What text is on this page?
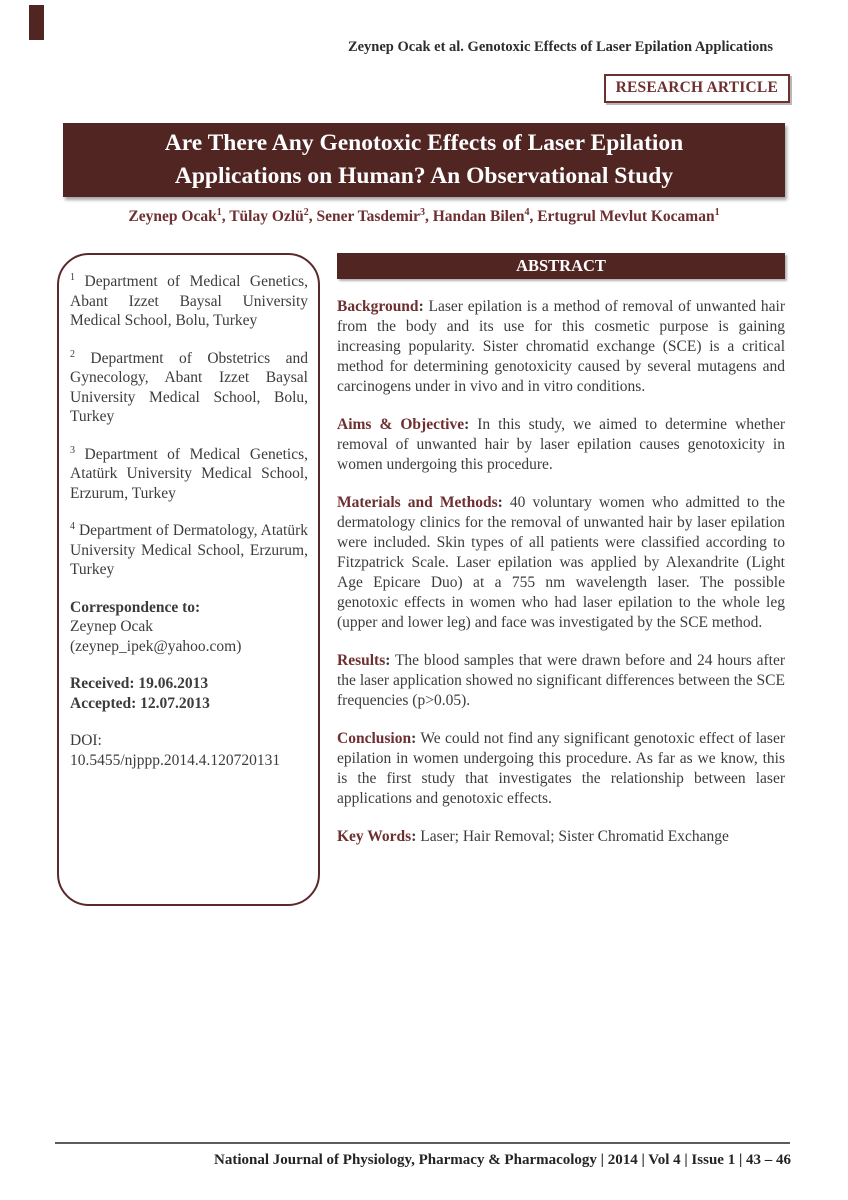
Zeynep Ocak et al. Genotoxic Effects of Laser Epilation Applications
RESEARCH ARTICLE
Are There Any Genotoxic Effects of Laser Epilation
Applications on Human? An Observational Study
Zeynep Ocak$^1$, Tülay Ozlü$^2$, Sener Tasdemir$^3$, Handan Bilen$^4$, Ertugrul Mevlut Kocaman$^1$

$^1$ Department of Medical Genetics, Abant Izzet Baysal University Medical School, Bolu, Turkey

$^2$ Department of Obstetrics and Gynecology, Abant Izzet Baysal University Medical School, Bolu, Turkey

$^3$ Department of Medical Genetics, Atatürk University Medical School, Erzurum, Turkey

$^4$ Department of Dermatology, Atatürk University Medical School, Erzurum, Turkey

Correspondence to:
Zeynep Ocak
(zeynep_ipek@yahoo.com)
Received: 19.06.2013
Accepted: 12.07.2013
DOI:
10.5455/njppp.2014.4.120720131
ABSTRACT

Background: Laser epilation is a method of removal of unwanted hair from the body and its use for this cosmetic purpose is gaining increasing popularity. Sister chromatid exchange (SCE) is a critical method for determining genotoxicity caused by several mutagens and carcinogens under in vivo and in vitro conditions.

Aims & Objective: In this study, we aimed to determine whether removal of unwanted hair by laser epilation causes genotoxicity in women undergoing this procedure.

Materials and Methods: 40 voluntary women who admitted to the dermatology clinics for the removal of unwanted hair by laser epilation were included. Skin types of all patients were classified according to Fitzpatrick Scale. Laser epilation was applied by Alexandrite (Light Age Epicare Duo) at a 755 nm wavelength laser. The possible genotoxic effects in women who had laser epilation to the whole leg (upper and lower leg) and face was investigated by the SCE method.

Results: The blood samples that were drawn before and 24 hours after the laser application showed no significant differences between the SCE frequencies (p>0.05).

Conclusion: We could not find any significant genotoxic effect of laser epilation in women undergoing this procedure. As far as we know, this is the first study that investigates the relationship between laser applications and genotoxic effects.

Key Words: Laser; Hair Removal; Sister Chromatid Exchange

National Journal of Physiology, Pharmacy & Pharmacology | 2014 | Vol 4 | Issue 1 | 43 – 46
